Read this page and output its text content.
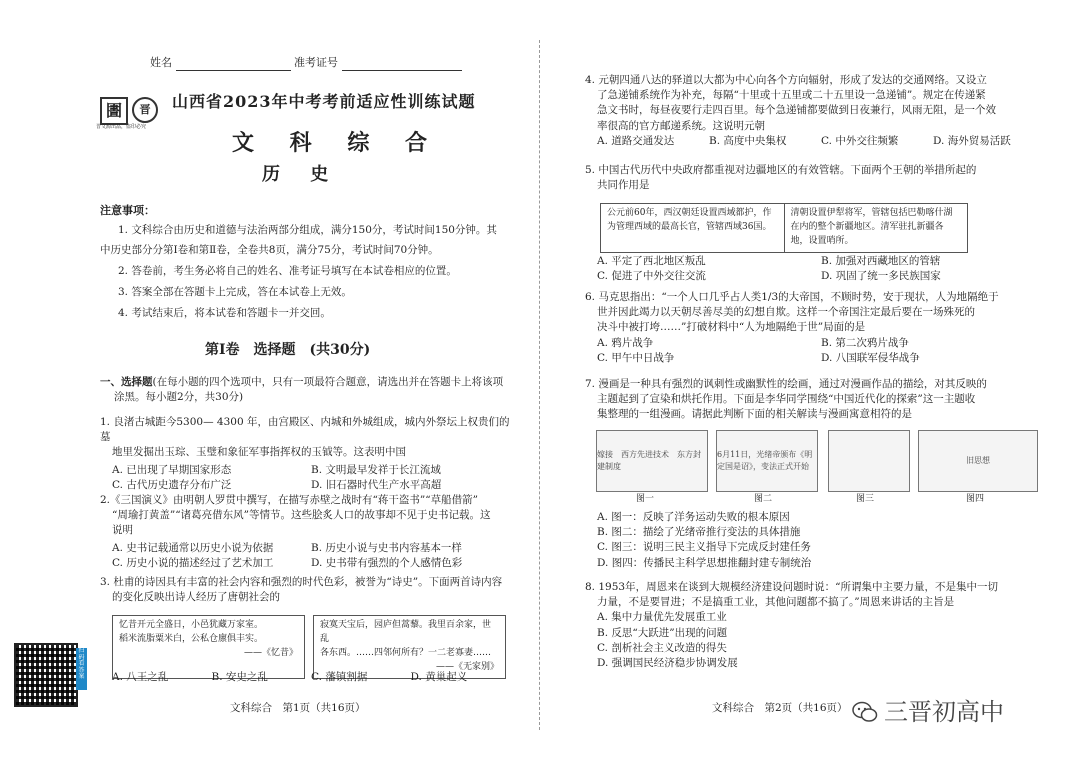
姓名	准考证号
圕	晋
晋文源出品，盗印必究
山西省2023年中考考前适应性训练试题
文 科 综 合
历 史
注意事项：
1. 文科综合由历史和道德与法治两部分组成，满分150分，考试时间150分钟。其
中历史部分分第Ⅰ卷和第Ⅱ卷，全卷共8页，满分75分，考试时间70分钟。
2. 答卷前，考生务必将自己的姓名、准考证号填写在本试卷相应的位置。
3. 答案全部在答题卡上完成，答在本试卷上无效。
4. 考试结束后，将本试卷和答题卡一并交回。
第Ⅰ卷　选择题　(共30分)
一、选择题(在每小题的四个选项中，只有一项最符合题意，请选出并在答题卡上将该项
涂黑。每小题2分，共30分)
1. 良渚古城距今5300— 4300 年，由宫殿区、内城和外城组成，城内外祭坛上权贵们的墓
地里发掘出玉琮、玉璧和象征军事指挥权的玉钺等。这表明中国
A. 已出现了早期国家形态	B. 文明最早发祥于长江流域
C. 古代历史遗存分布广泛	D. 旧石器时代生产水平高超
2.《三国演义》由明朝人罗贯中撰写，在描写赤壁之战时有“蒋干盗书”“草船借箭”
“周瑜打黄盖”“诸葛亮借东风”等情节。这些脍炙人口的故事却不见于史书记载。这
说明
A. 史书记载通常以历史小说为依据	B. 历史小说与史书内容基本一样
C. 历史小说的描述经过了艺术加工	D. 史书带有强烈的个人感情色彩
3. 杜甫的诗因具有丰富的社会内容和强烈的时代色彩，被誉为“诗史”。下面两首诗内容
的变化反映出诗人经历了唐朝社会的
忆昔开元全盛日，小邑犹藏万家室。
稻米流脂粟米白，公私仓廪俱丰实。
——《忆昔》
寂寞天宝后，园庐但蒿藜。我里百余家，世乱
各东西。……四邻何所有？一二老寡妻……
——《无家别》
A. 八王之乱	B. 安史之乱	C. 藩镇割据	D. 黄巢起义
扫码看答案
文科综合　第1页（共16页）
4. 元朝四通八达的驿道以大都为中心向各个方向辐射，形成了发达的交通网络。又设立
了急递铺系统作为补充，每隔“十里或十五里或二十五里设一急递铺”。规定在传递紧
急文书时，每昼夜要行走四百里。每个急递铺都要做到日夜兼行，风雨无阻，是一个效
率很高的官方邮递系统。这说明元朝
A. 道路交通发达	B. 高度中央集权	C. 中外交往频繁	D. 海外贸易活跃
5. 中国古代历代中央政府都重视对边疆地区的有效管辖。下面两个王朝的举措所起的
共同作用是
公元前60年，西汉朝廷设置西域都护，作为管理西域的最高长官，管辖西域36国。
清朝设置伊犁将军，管辖包括巴勒喀什湖在内的整个新疆地区。清军驻扎新疆各地，设置哨所。
A. 平定了西北地区叛乱	B. 加强对西藏地区的管辖
C. 促进了中外交往交流	D. 巩固了统一多民族国家
6. 马克思指出：“一个人口几乎占人类1/3的大帝国，不顾时势，安于现状，人为地隔绝于
世并因此竭力以天朝尽善尽美的幻想自欺。这样一个帝国注定最后要在一场殊死的
决斗中被打垮……”打破材料中“人为地隔绝于世”局面的是
A. 鸦片战争	B. 第二次鸦片战争
C. 甲午中日战争	D. 八国联军侵华战争
7. 漫画是一种具有强烈的讽刺性或幽默性的绘画，通过对漫画作品的描绘，对其反映的
主题起到了宣染和烘托作用。下面是李华同学围绕“中国近代化的探索”这一主题收
集整理的一组漫画。请据此判断下面的相关解读与漫画寓意相符的是
嫁接　西方先进技术　东方封建制度
6月11日，光绪帝颁布《明定国是诏》，变法正式开始
旧思想
图一	图二	图三	图四
A. 图一：反映了洋务运动失败的根本原因
B. 图二：描绘了光绪帝推行变法的具体措施
C. 图三：说明三民主义指导下完成反封建任务
D. 图四：传播民主科学思想推翻封建专制统治
8. 1953年，周恩来在谈到大规模经济建设问题时说：“所谓集中主要力量，不是集中一切
力量，不是要冒进；不是搞重工业，其他问题都不搞了。”周恩来讲话的主旨是
A. 集中力量优先发展重工业
B. 反思“大跃进”出现的问题
C. 剖析社会主义改造的得失
D. 强调国民经济稳步协调发展
文科综合　第2页（共16页） 三晋初高中
